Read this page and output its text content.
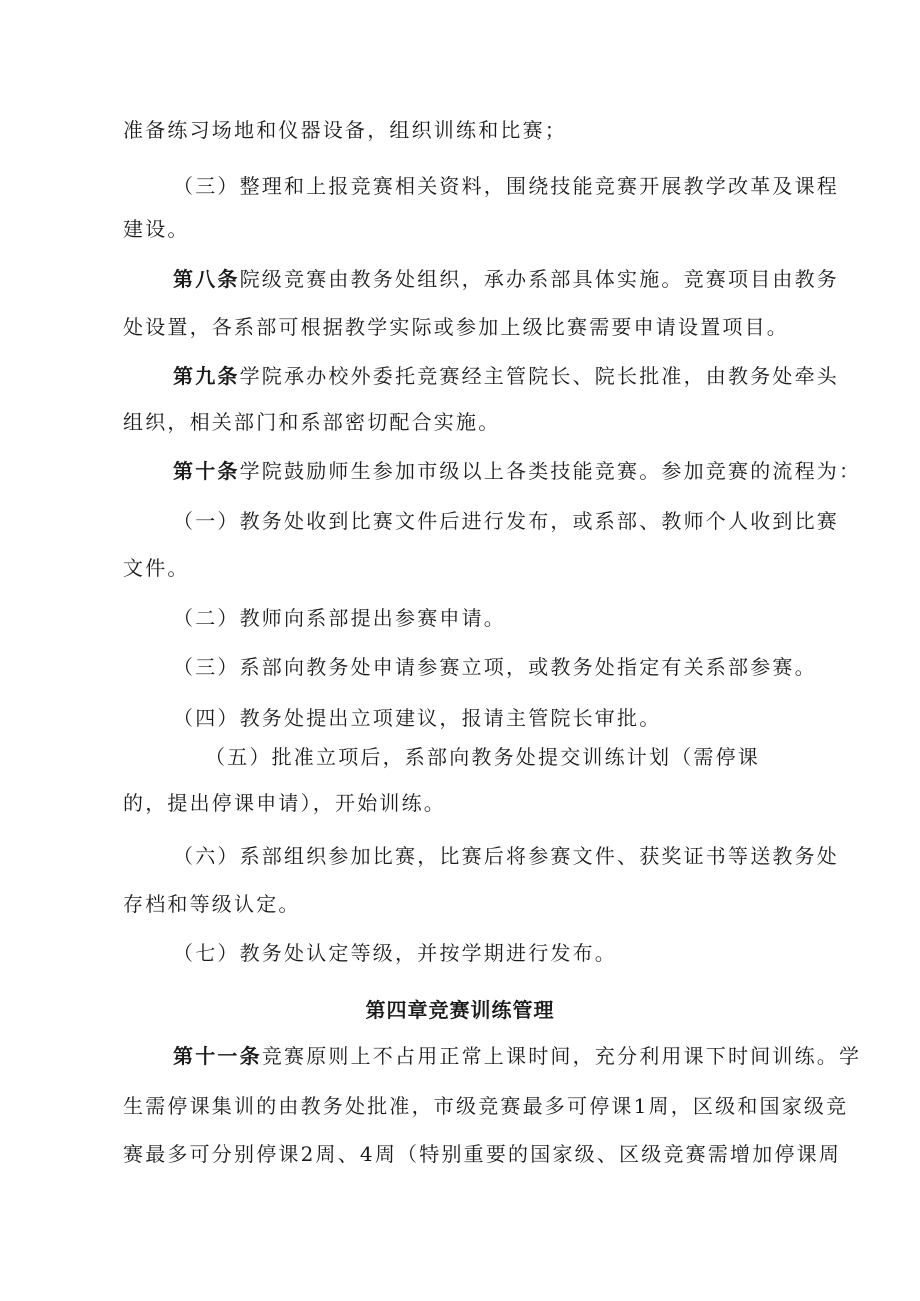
准备练习场地和仪器设备，组织训练和比赛；
（三）整理和上报竞赛相关资料，围绕技能竞赛开展教学改革及课程
建设。
第八条院级竞赛由教务处组织，承办系部具体实施。竞赛项目由教务
处设置，各系部可根据教学实际或参加上级比赛需要申请设置项目。
第九条学院承办校外委托竞赛经主管院长、院长批准，由教务处牵头
组织，相关部门和系部密切配合实施。
第十条学院鼓励师生参加市级以上各类技能竞赛。参加竞赛的流程为：
（一）教务处收到比赛文件后进行发布，或系部、教师个人收到比赛
文件。
（二）教师向系部提出参赛申请。
（三）系部向教务处申请参赛立项，或教务处指定有关系部参赛。
（四）教务处提出立项建议，报请主管院长审批。
（五）批准立项后，系部向教务处提交训练计划（需停课
的，提出停课申请），开始训练。
（六）系部组织参加比赛，比赛后将参赛文件、获奖证书等送教务处
存档和等级认定。
（七）教务处认定等级，并按学期进行发布。
第四章竞赛训练管理
第十一条竞赛原则上不占用正常上课时间，充分利用课下时间训练。学
生需停课集训的由教务处批准，市级竞赛最多可停课1周，区级和国家级竞
赛最多可分别停课2周、4周（特别重要的国家级、区级竞赛需增加停课周
